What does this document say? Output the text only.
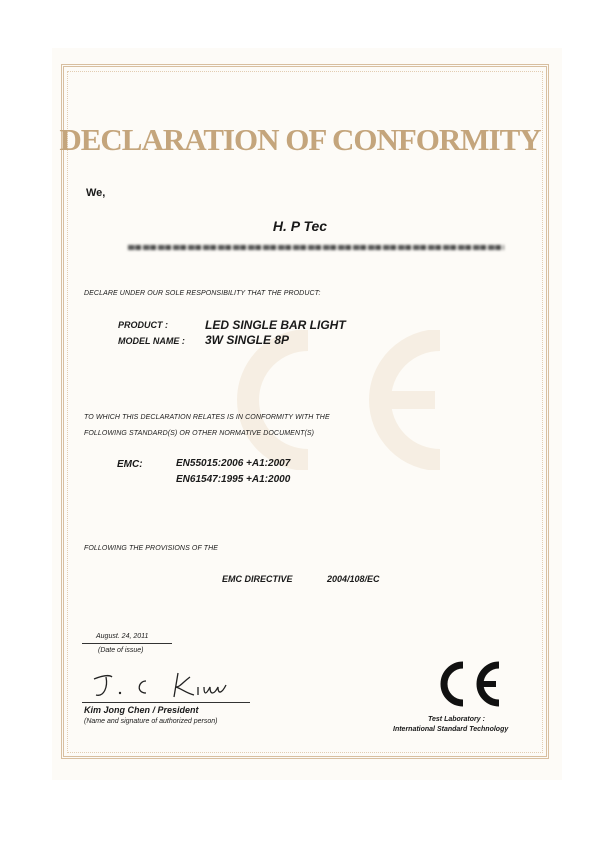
DECLARATION OF CONFORMITY
We,
H. P Tec
DECLARE UNDER OUR SOLE RESPONSIBILITY THAT THE PRODUCT:
PRODUCT :	LED SINGLE BAR LIGHT
MODEL NAME : 3W SINGLE 8P
TO WHICH THIS DECLARATION RELATES IS IN CONFORMITY WITH THE
FOLLOWING STANDARD(S) OR OTHER NORMATIVE DOCUMENT(S)
EMC:	EN55015:2006 +A1:2007
EN61547:1995 +A1:2000
FOLLOWING THE PROVISIONS OF THE
EMC DIRECTIVE	2004/108/EC
August. 24, 2011
(Date of issue)
Kim Jong Chen / President
(Name and signature of authorized person)	Test Laboratory :
International Standard Technology
